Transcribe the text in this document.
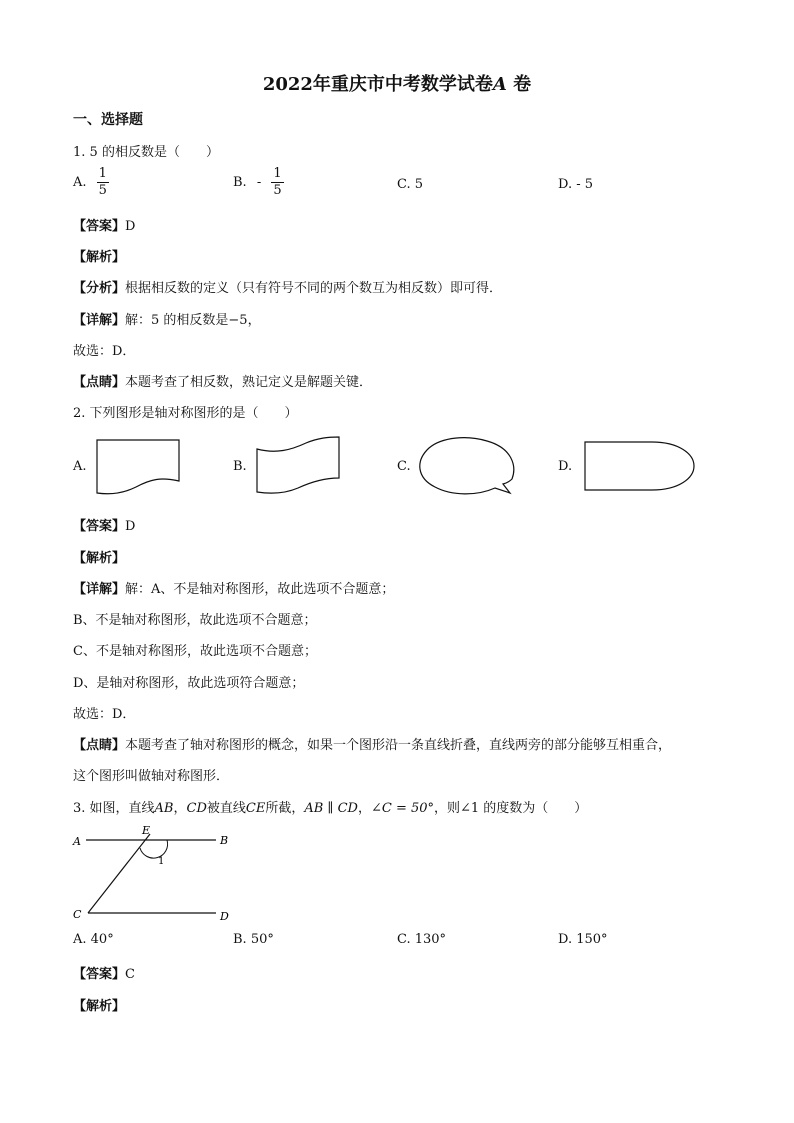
2022年重庆市中考数学试卷A 卷
一、选择题
1. 5 的相反数是（　　）
A. $\frac{1}{5}$	B. - $\frac{1}{5}$	C. 5	D. - 5
【答案】D
【解析】
【分析】根据相反数的定义（只有符号不同的两个数互为相反数）即可得．
【详解】解：5 的相反数是−5，
故选：D．
【点睛】本题考查了相反数，熟记定义是解题关键．
2. 下列图形是轴对称图形的是（　　）
A.	B.	C.	D.
【答案】D
【解析】
【详解】解：A、不是轴对称图形，故此选项不合题意；
B、不是轴对称图形，故此选项不合题意；
C、不是轴对称图形，故此选项不合题意；
D、是轴对称图形，故此选项符合题意；
故选：D．
【点睛】本题考查了轴对称图形的概念，如果一个图形沿一条直线折叠，直线两旁的部分能够互相重合，
这个图形叫做轴对称图形．
3. 如图，直线AB，CD被直线CE所截，AB ∥ CD，∠C = 50°，则∠1 的度数为（　　）
A	B
C	D
E
1
A. 40°	B. 50°	C. 130°	D. 150°
【答案】C
【解析】
